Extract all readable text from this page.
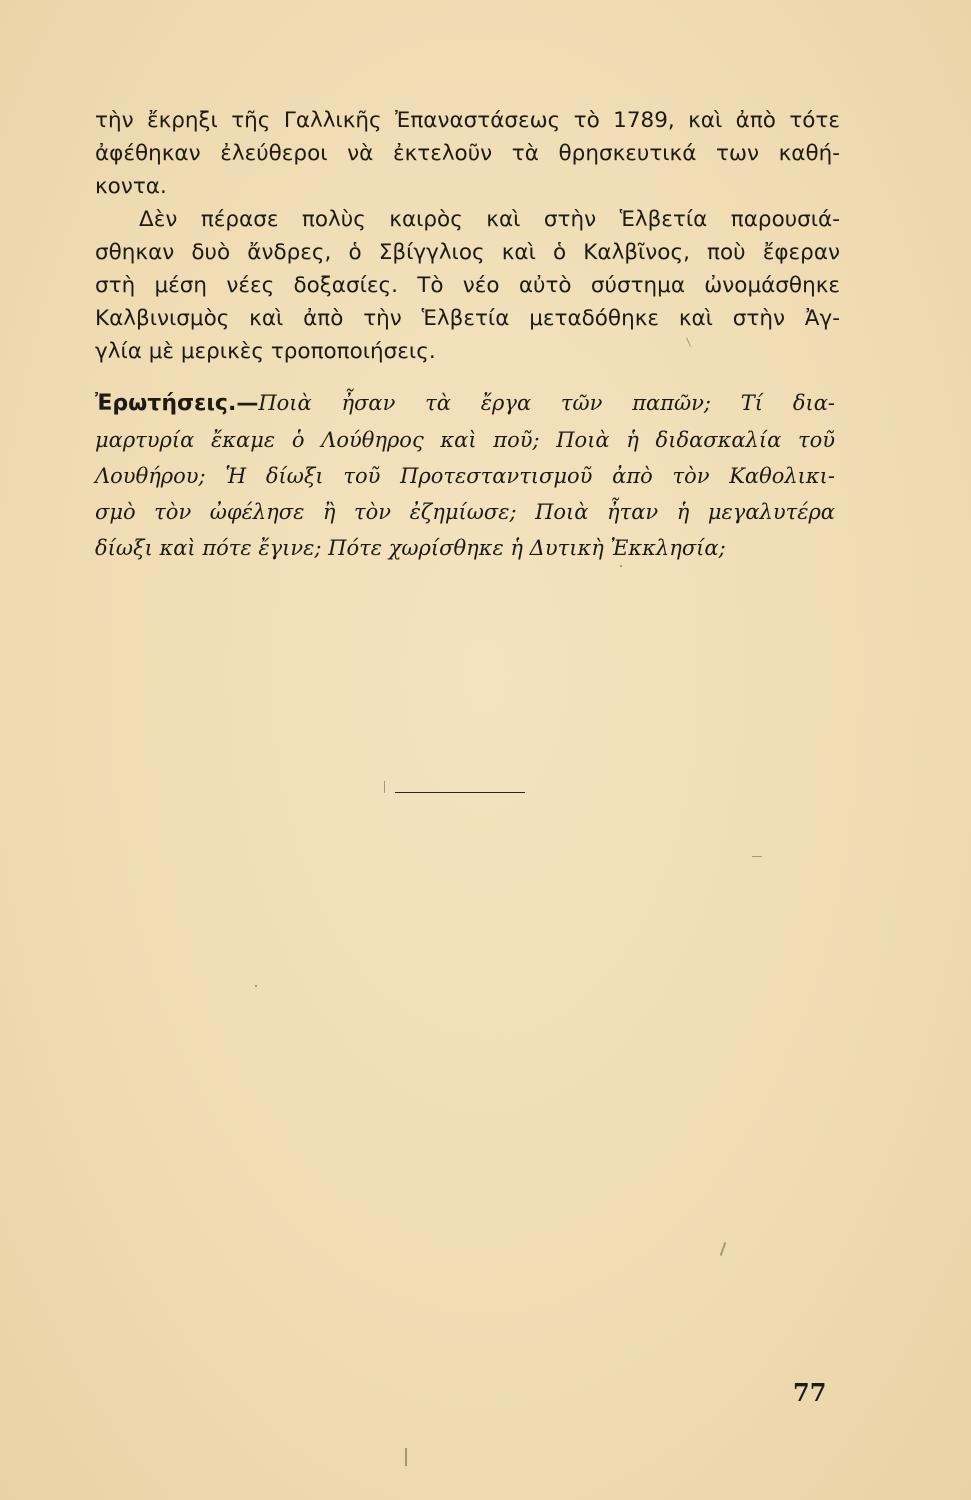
τὴν ἔκρηξι τῆς Γαλλικῆς Ἐπαναστάσεως τὸ 1789, καὶ ἀπὸ τότε
ἀφέθηκαν ἐλεύθεροι νὰ ἐκτελοῦν τὰ θρησκευτικά των καθή-
κοντα.

Δὲν πέρασε πολὺς καιρὸς καὶ στὴν Ἑλβετία παρουσιά-
σθηκαν δυὸ ἄνδρες, ὁ Σβίγγλιος καὶ ὁ Καλβῖνος, ποὺ ἔφεραν
στὴ μέση νέες δοξασίες. Τὸ νέο αὐτὸ σύστημα ὠνομάσθηκε
Καλβινισμὸς καὶ ἀπὸ τὴν Ἑλβετία μεταδόθηκε καὶ στὴν Ἀγ-
γλία μὲ μερικὲς τροποποιήσεις.

Ἐρωτήσεις.—Ποιὰ ἦσαν τὰ ἔργα τῶν παπῶν; Τί δια-
μαρτυρία ἔκαμε ὁ Λούθηρος καὶ ποῦ; Ποιὰ ἡ διδασκαλία τοῦ
Λουθήρου; Ἡ δίωξι τοῦ Προτεσταντισμοῦ ἀπὸ τὸν Καθολικι-
σμὸ τὸν ὠφέλησε ἢ τὸν ἐζημίωσε; Ποιὰ ἦταν ἡ μεγαλυτέρα
δίωξι καὶ πότε ἔγινε; Πότε χωρίσθηκε ἡ Δυτικὴ Ἐκκλησία;
77
